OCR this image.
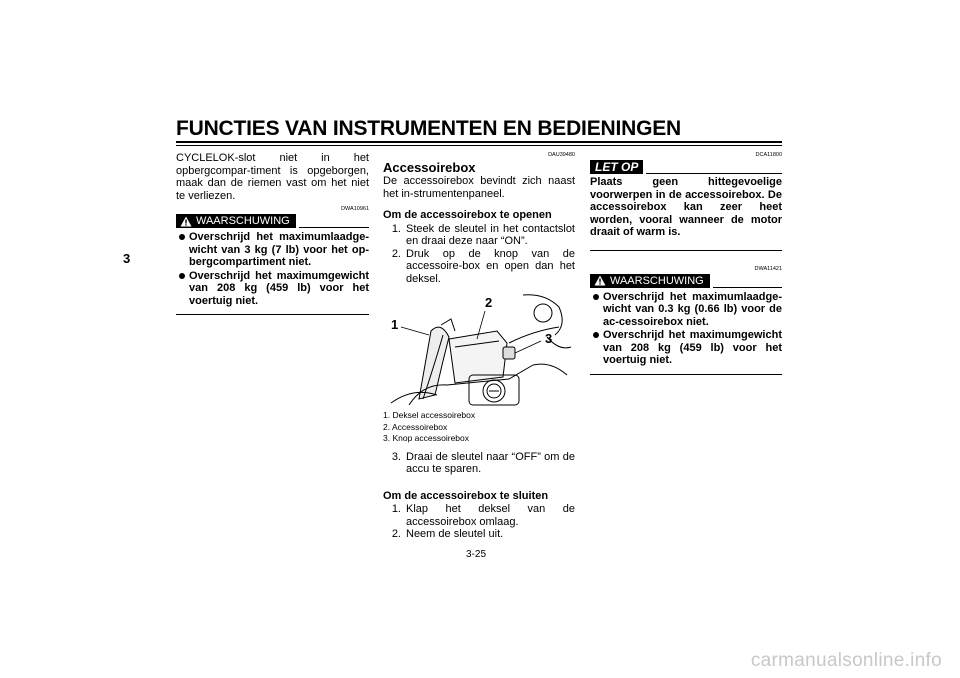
FUNCTIES VAN INSTRUMENTEN EN BEDIENINGEN
3

CYCLELOK-slot niet in het opbergcompar-timent is opgeborgen, maak dan de riemen vast om het niet te verliezen.

DWA10961
WAARSCHUWING
Overschrijd het maximumlaadge-wicht van 3 kg (7 lb) voor het op-bergcompartiment niet.
Overschrijd het maximumgewicht van 208 kg (459 lb) voor het voertuig niet.
DAU39480
Accessoirebox

De accessoirebox bevindt zich naast het in-strumentenpaneel.

Om de accessoirebox te openen
1. Steek de sleutel in het contactslot en draai deze naar “ON”.
2. Druk op de knop van de accessoire-box en open dan het deksel.
1
2
3
1. Deksel accessoirebox
2. Accessoirebox
3. Knop accessoirebox
3. Draai de sleutel naar “OFF” om de accu te sparen.
Om de accessoirebox te sluiten
1. Klap het deksel van de accessoirebox omlaag.
2. Neem de sleutel uit.
DCA11800
LET OP

Plaats geen hittegevoelige voorwerpen in de accessoirebox. De accessoirebox kan zeer heet worden, vooral wanneer de motor draait of warm is.

DWA11421
WAARSCHUWING
Overschrijd het maximumlaadge-wicht van 0.3 kg (0.66 lb) voor de ac-cessoirebox niet.
Overschrijd het maximumgewicht van 208 kg (459 lb) voor het voertuig niet.
3-25
carmanualsonline.info
